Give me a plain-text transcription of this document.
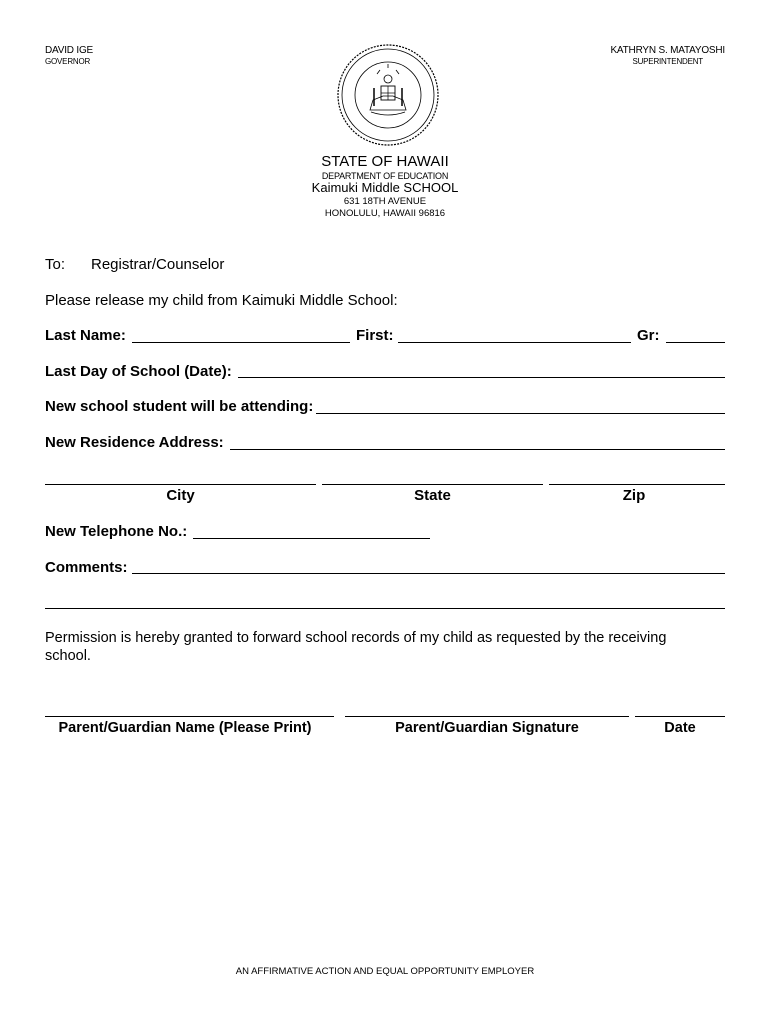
DAVID IGE
GOVERNOR
KATHRYN S. MATAYOSHI
SUPERINTENDENT
STATE OF HAWAII
DEPARTMENT OF EDUCATION
Kaimuki Middle SCHOOL
631 18TH AVENUE
HONOLULU, HAWAII 96816
To: Registrar/Counselor
Please release my child from Kaimuki Middle School:
Last Name:	First:	Gr:
Last Day of School (Date):
New school student will be attending:
New Residence Address:
City	State	Zip
New Telephone No.:
Comments:
Permission is hereby granted to forward school records of my child as requested by the receiving
school.
Parent/Guardian Name (Please Print)	Parent/Guardian Signature	Date
AN AFFIRMATIVE ACTION AND EQUAL OPPORTUNITY EMPLOYER
